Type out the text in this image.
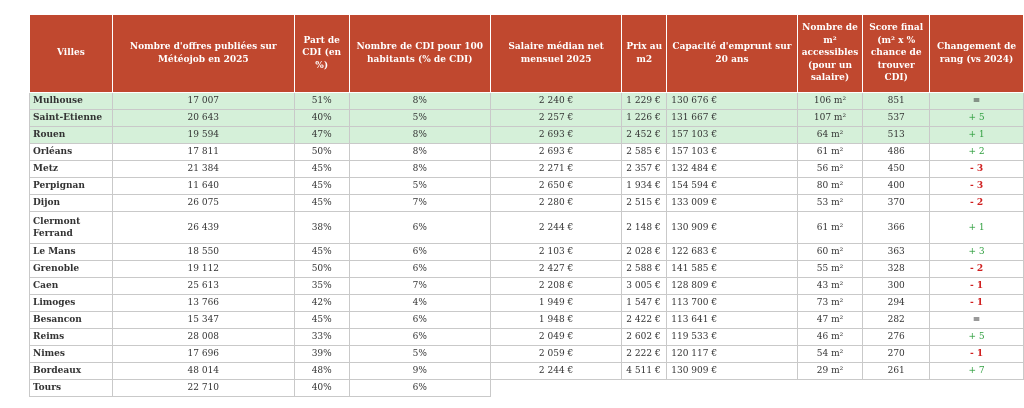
Villes	Nombre d'offres publiées sur Météojob en 2025	Part de CDI (en %)	Nombre de CDI pour 100 habitants (% de CDI)	Salaire médian net mensuel 2025	Prix au m2	Capacité d'emprunt sur 20 ans	Nombre de m² accessibles (pour un salaire)	Score final (m² x % chance de trouver CDI)	Changement de rang (vs 2024)
Mulhouse	17 007	51%	8%	2 240 €	1 229 €	130 676 €	106 m²	851	=
Saint-Etienne	20 643	40%	5%	2 257 €	1 226 €	131 667 €	107 m²	537	+ 5
Rouen	19 594	47%	8%	2 693 €	2 452 €	157 103 €	64 m²	513	+ 1
Orléans	17 811	50%	8%	2 693 €	2 585 €	157 103 €	61 m²	486	+ 2
Metz	21 384	45%	8%	2 271 €	2 357 €	132 484 €	56 m²	450	- 3
Perpignan	11 640	45%	5%	2 650 €	1 934 €	154 594 €	80 m²	400	- 3
Dijon	26 075	45%	7%	2 280 €	2 515 €	133 009 €	53 m²	370	- 2
Clermont Ferrand	26 439	38%	6%	2 244 €	2 148 €	130 909 €	61 m²	366	+ 1
Le Mans	18 550	45%	6%	2 103 €	2 028 €	122 683 €	60 m²	363	+ 3
Grenoble	19 112	50%	6%	2 427 €	2 588 €	141 585 €	55 m²	328	- 2
Caen	25 613	35%	7%	2 208 €	3 005 €	128 809 €	43 m²	300	- 1
Limoges	13 766	42%	4%	1 949 €	1 547 €	113 700 €	73 m²	294	- 1
Besancon	15 347	45%	6%	1 948 €	2 422 €	113 641 €	47 m²	282	=
Reims	28 008	33%	6%	2 049 €	2 602 €	119 533 €	46 m²	276	+ 5
Nimes	17 696	39%	5%	2 059 €	2 222 €	120 117 €	54 m²	270	- 1
Bordeaux	48 014	48%	9%	2 244 €	4 511 €	130 909 €	29 m²	261	+ 7
Tours	22 710	40%	6%						
